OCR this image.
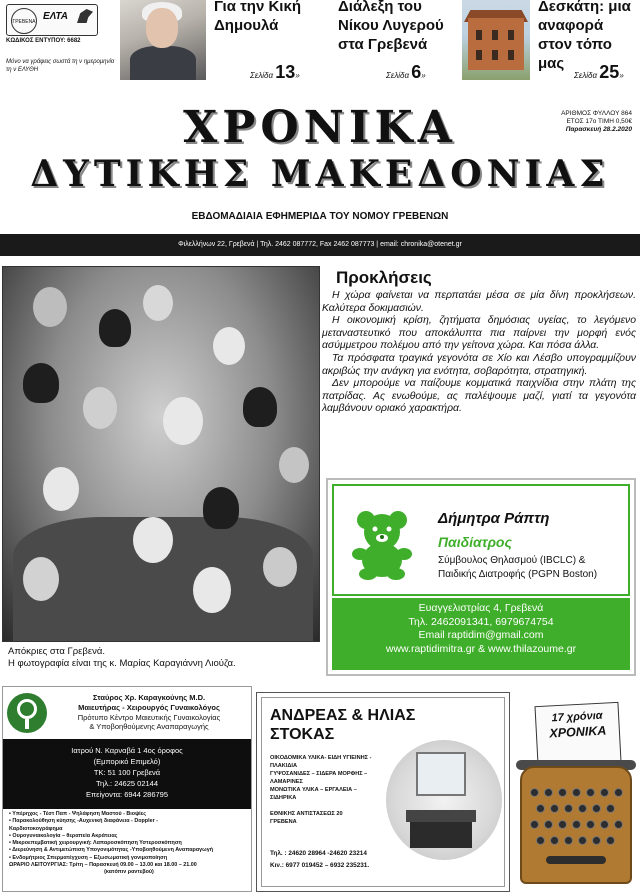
ΓΡΕΒΕΝΑ ΕΛΤΑ
ΚΩΔΙΚΟΣ ΕΝΤΥΠΟΥ: 6682
Μόνο να γράφεις σωστά τη ν ημερομηνία τη ν ΕΛΥΘΗ
Για την Κική Δημουλά
Σελίδα 13»
Διάλεξη του Νίκου Λυγερού στα Γρεβενά
Σελίδα 6»
Δεσκάτη: μια αναφορά στον τόπο μας
Σελίδα 25»
ΧΡΟΝΙΚΑ
ΔΥΤΙΚΗΣ ΜΑΚΕΔΟΝΙΑΣ
ΕΒΔΟΜΑΔΙΑΙΑ ΕΦΗΜΕΡΙΔΑ ΤΟΥ ΝΟΜΟΥ ΓΡΕΒΕΝΩΝ
ΑΡΙΘΜΟΣ ΦΥΛΛΟΥ 864
ΕΤΟΣ 17ο ΤΙΜΗ 0,50€
Παρασκευή 28.2.2020
Φιλελλήνων 22, Γρεβενά | Τηλ. 2462 087772, Fax 2462 087773 | email: chronika@otenet.gr
Απόκριες στα Γρεβενά.
Η φωτογραφία είναι της κ. Μαρίας Καραγιάννη Λιούζα.
Προκλήσεις

Η χώρα φαίνεται να περπατάει μέσα σε μία δίνη προκλήσεων. Καλύτερα δοκιμασιών.

Η οικονομική κρίση, ζητήματα δημόσιας υγείας, το λεγόμενο μεταναστευτικό που αποκάλυπτα πια παίρνει την μορφή ενός ασύμμετρου πολέμου από την γείτονα χώρα. Και πόσα άλλα.

Τα πρόσφατα τραγικά γεγονότα σε Χίο και Λέσβο υπογραμμίζουν ακριβώς την ανάγκη για ενότητα, σοβαρότητα, στρατηγική.

Δεν μπορούμε να παίζουμε κομματικά παιχνίδια στην πλάτη της πατρίδας. Ας ενωθούμε, ας παλέψουμε μαζί, γιατί τα γεγονότα λαμβάνουν οριακό χαρακτήρα.

Δήμητρα Ράπτη
Παιδίατρος
Σύμβουλος Θηλασμού (IBCLC) &
Παιδικής Διατροφής (PGPN Boston)
Ευαγγελιστρίας 4, Γρεβενά
Τηλ. 2462091341, 6979674754
Email raptidim@gmail.com
www.raptidimitra.gr & www.thilazoume.gr
Σταύρος Χρ. Καραγκούνης M.D.
Μαιευτήρας - Χειρουργός Γυναικολόγος
Πρότυπο Κέντρο Μαιευτικής Γυναικολογίας
& Υποβοηθούμενης Αναπαραγωγής
Ιατρού Ν. Καρναβά 1 4ος όροφος
(Εμπορικό Επιμελό)
ΤΚ: 51 100 Γρεβενά
Τηλ.: 24625 02144
Επείγοντα: 6944 286795
• Υπέρηχος - Τέστ Παπ - Ψηλάφηση Μαστού - Βιοψίες
• Παρακολούθηση κύησης -Αυχενική διαφάνεια - Doppler -
Καρδιοτοκογράφημα
• Ουρογυναικολογία – θεραπεία Ακράτειας
• Μικροεπεμβατική χειρουργική: Λαπαροσκόπηση Υστεροσκόπηση
• Διερεύνηση & Αντιμετώπιση Υπογονιμότητας -Υποβοηθούμενη Αναπαραγωγή
• Ενδομήτριος Σπερματέγχυση – Εξωσωματική γονιμοποίηση
ΩΡΑΡΙΟ ΛΕΙΤΟΥΡΓΙΑΣ: Τρίτη – Παρασκευή 09.00 – 13.00 και 18.00 – 21.00
(κατόπιν ραντεβού)
ΑΝΔΡΕΑΣ & ΗΛΙΑΣ ΣΤΟΚΑΣ
ΟΙΚΟΔΟΜΙΚΑ ΥΛΙΚΑ- ΕΙΔΗ ΥΓΙΕΙΝΗΣ -
ΠΛΑΚΙΔΙΑ
ΓΥΨΟΣΑΝΙΔΕΣ – ΣΙΔΕΡΑ ΜΟΡΦΗΣ –
ΛΑΜΑΡΙΝΕΣ
ΜΟΝΩΤΙΚΑ ΥΛΙΚΑ – ΕΡΓΑΛΕΙΑ –
ΣΙΔΗΡΙΚΑ
ΕΘΝΙΚΗΣ ΑΝΤΙΣΤΑΣΕΩΣ 20
ΓΡΕΒΕΝΑ
Τηλ. : 24620 28964 -24620 23214
Κιν.: 6977 019452 – 6932 235231.
17 χρόνια
ΧΡΟΝΙΚΑ
